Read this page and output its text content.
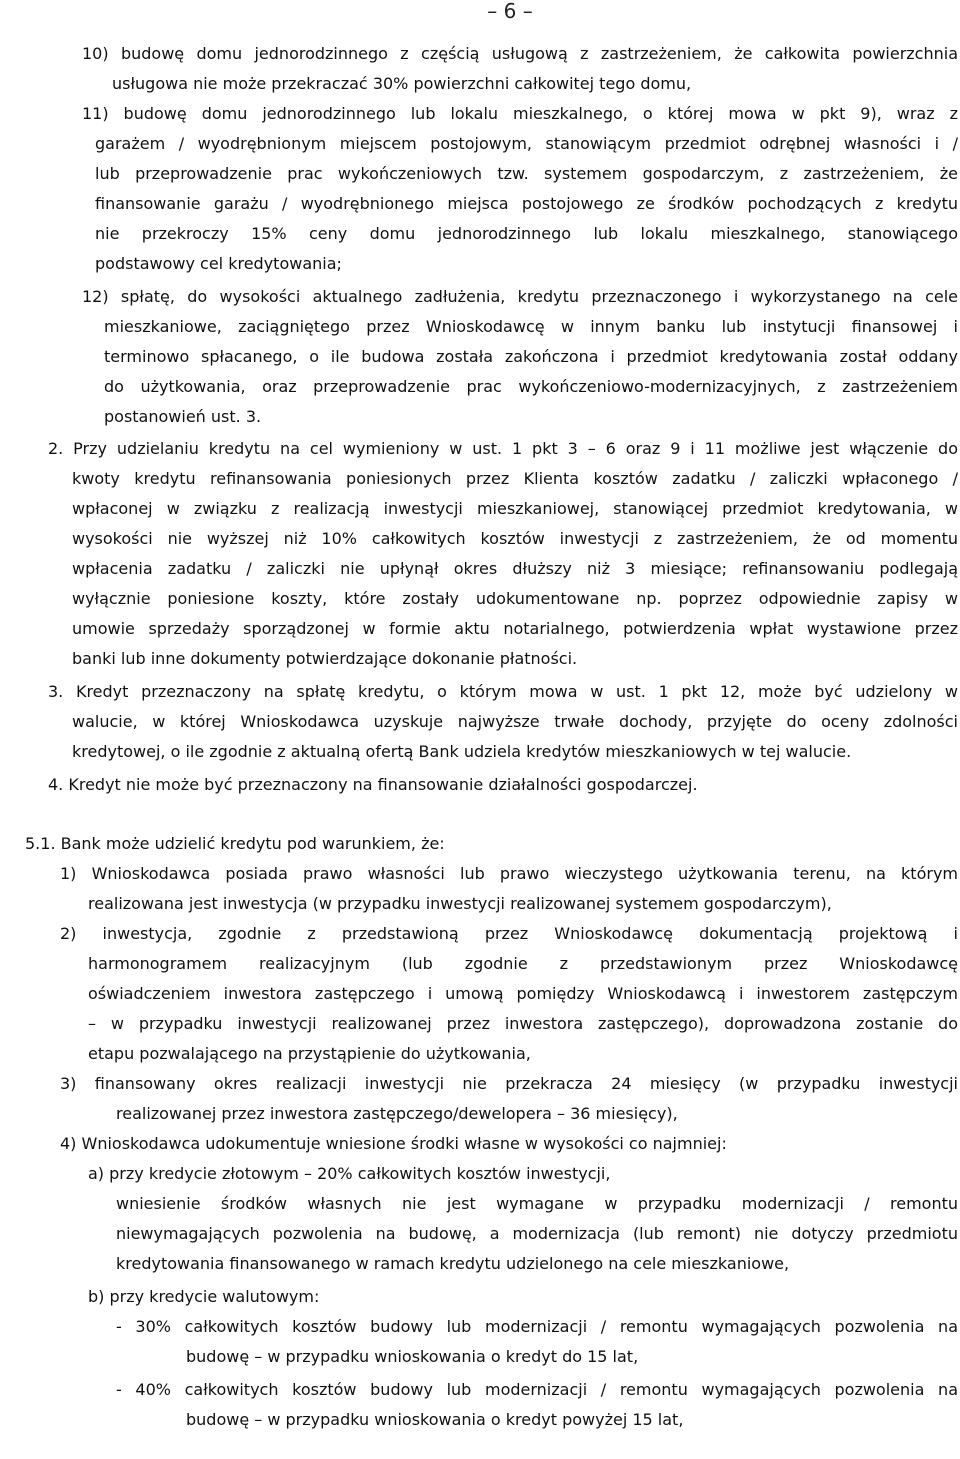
– 6 –
10) budowę domu jednorodzinnego z częścią usługową z zastrzeżeniem, że całkowita powierzchnia
usługowa nie może przekraczać 30% powierzchni całkowitej tego domu,
11) budowę domu jednorodzinnego lub lokalu mieszkalnego, o której mowa w pkt 9), wraz z
garażem / wyodrębnionym miejscem postojowym, stanowiącym przedmiot odrębnej własności i /
lub przeprowadzenie prac wykończeniowych tzw. systemem gospodarczym, z zastrzeżeniem, że
finansowanie garażu / wyodrębnionego miejsca postojowego ze środków pochodzących z kredytu
nie przekroczy 15% ceny domu jednorodzinnego lub lokalu mieszkalnego, stanowiącego
podstawowy cel kredytowania;
12) spłatę, do wysokości aktualnego zadłużenia, kredytu przeznaczonego i wykorzystanego na cele
mieszkaniowe, zaciągniętego przez Wnioskodawcę w innym banku lub instytucji finansowej i
terminowo spłacanego, o ile budowa została zakończona i przedmiot kredytowania został oddany
do użytkowania, oraz przeprowadzenie prac wykończeniowo-modernizacyjnych, z zastrzeżeniem
postanowień ust. 3.
2. Przy udzielaniu kredytu na cel wymieniony w ust. 1 pkt 3 – 6 oraz 9 i 11 możliwe jest włączenie do
kwoty kredytu refinansowania poniesionych przez Klienta kosztów zadatku / zaliczki wpłaconego /
wpłaconej w związku z realizacją inwestycji mieszkaniowej, stanowiącej przedmiot kredytowania, w
wysokości nie wyższej niż 10% całkowitych kosztów inwestycji z zastrzeżeniem, że od momentu
wpłacenia zadatku / zaliczki nie upłynął okres dłuższy niż 3 miesiące; refinansowaniu podlegają
wyłącznie poniesione koszty, które zostały udokumentowane np. poprzez odpowiednie zapisy w
umowie sprzedaży sporządzonej w formie aktu notarialnego, potwierdzenia wpłat wystawione przez
banki lub inne dokumenty potwierdzające dokonanie płatności.
3. Kredyt przeznaczony na spłatę kredytu, o którym mowa w ust. 1 pkt 12, może być udzielony w
walucie, w której Wnioskodawca uzyskuje najwyższe trwałe dochody, przyjęte do oceny zdolności
kredytowej, o ile zgodnie z aktualną ofertą Bank udziela kredytów mieszkaniowych w tej walucie.
4. Kredyt nie może być przeznaczony na finansowanie działalności gospodarczej.
5.1. Bank może udzielić kredytu pod warunkiem, że:
1) Wnioskodawca posiada prawo własności lub prawo wieczystego użytkowania terenu, na którym
realizowana jest inwestycja (w przypadku inwestycji realizowanej systemem gospodarczym),
2) inwestycja, zgodnie z przedstawioną przez Wnioskodawcę dokumentacją projektową i
harmonogramem realizacyjnym (lub zgodnie z przedstawionym przez Wnioskodawcę
oświadczeniem inwestora zastępczego i umową pomiędzy Wnioskodawcą i inwestorem zastępczym
– w przypadku inwestycji realizowanej przez inwestora zastępczego), doprowadzona zostanie do
etapu pozwalającego na przystąpienie do użytkowania,
3) finansowany okres realizacji inwestycji nie przekracza 24 miesięcy (w przypadku inwestycji
realizowanej przez inwestora zastępczego/dewelopera – 36 miesięcy),
4) Wnioskodawca udokumentuje wniesione środki własne w wysokości co najmniej:
a) przy kredycie złotowym – 20% całkowitych kosztów inwestycji,
wniesienie środków własnych nie jest wymagane w przypadku modernizacji / remontu
niewymagających pozwolenia na budowę, a modernizacja (lub remont) nie dotyczy przedmiotu
kredytowania finansowanego w ramach kredytu udzielonego na cele mieszkaniowe,
b) przy kredycie walutowym:
- 30% całkowitych kosztów budowy lub modernizacji / remontu wymagających pozwolenia na
budowę – w przypadku wnioskowania o kredyt do 15 lat,
- 40% całkowitych kosztów budowy lub modernizacji / remontu wymagających pozwolenia na
budowę – w przypadku wnioskowania o kredyt powyżej 15 lat,
